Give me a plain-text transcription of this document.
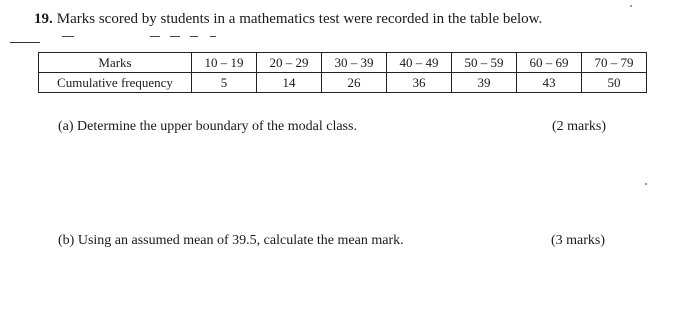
19. Marks scored by students in a mathematics test were recorded in the table below.
Marks	10 – 19	20 – 29	30 – 39	40 – 49	50 – 59	60 – 69	70 – 79
Cumulative frequency	5	14	26	36	39	43	50
(a) Determine the upper boundary of the modal class.	(2 marks)
(b) Using an assumed mean of 39.5, calculate the mean mark.	(3 marks)
